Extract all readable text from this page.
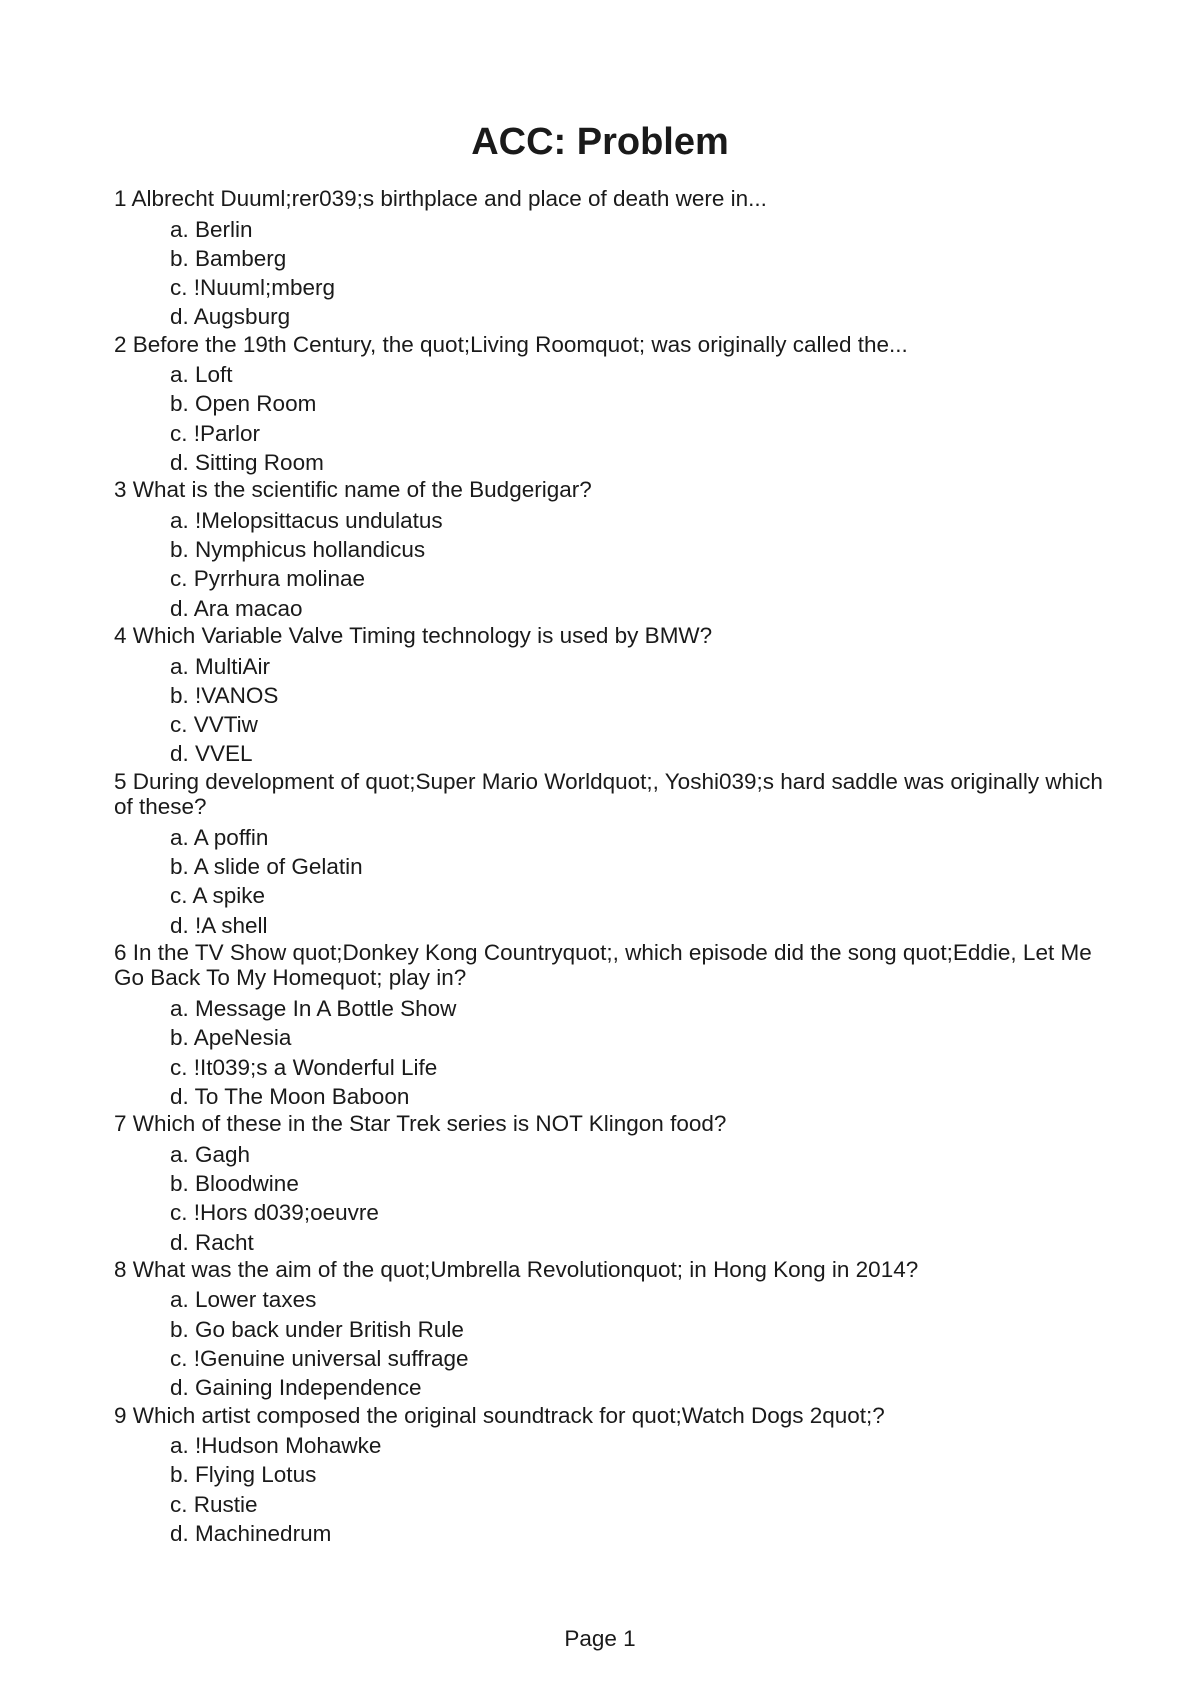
ACC: Problem

1 Albrecht Duuml;rer039;s birthplace and place of death were in...

a. Berlin
b. Bamberg
c. !Nuuml;mberg
d. Augsburg

2 Before the 19th Century, the quot;Living Roomquot; was originally called the...

a. Loft
b. Open Room
c. !Parlor
d. Sitting Room

3 What is the scientific name of the Budgerigar?

a. !Melopsittacus undulatus
b. Nymphicus hollandicus
c. Pyrrhura molinae
d. Ara macao

4 Which Variable Valve Timing technology is used by BMW?

a. MultiAir
b. !VANOS
c. VVTiw
d. VVEL

5 During development of quot;Super Mario Worldquot;, Yoshi039;s hard saddle was originally which of these?

a. A poffin
b. A slide of Gelatin
c. A spike
d. !A shell

6 In the TV Show quot;Donkey Kong Countryquot;, which episode did the song quot;Eddie, Let Me Go Back To My Homequot; play in?

a. Message In A Bottle Show
b. ApeNesia
c. !It039;s a Wonderful Life
d. To The Moon Baboon

7 Which of these in the Star Trek series is NOT Klingon food?

a. Gagh
b. Bloodwine
c. !Hors d039;oeuvre
d. Racht

8 What was the aim of the quot;Umbrella Revolutionquot; in Hong Kong in 2014?

a. Lower taxes
b. Go back under British Rule
c. !Genuine universal suffrage
d. Gaining Independence

9 Which artist composed the original soundtrack for quot;Watch Dogs 2quot;?

a. !Hudson Mohawke
b. Flying Lotus
c. Rustie
d. Machinedrum
Page 1
